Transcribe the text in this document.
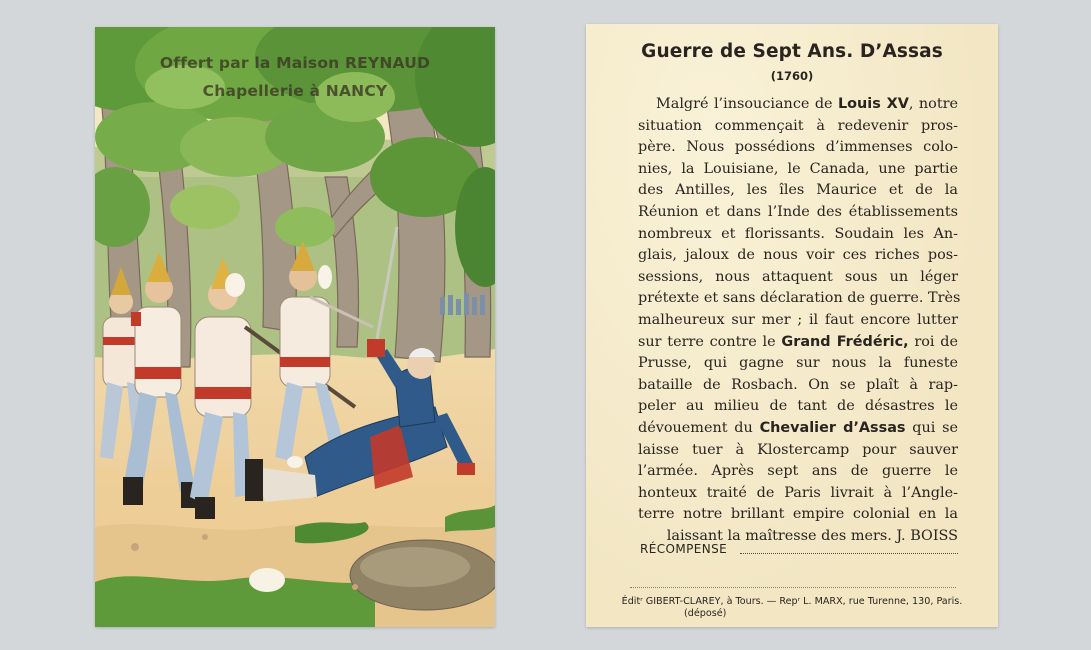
Offert par la Maison REYNAUD
Chapellerie à NANCY
Guerre de Sept Ans. D’Assas
(1760)
Malgré l’insouciance de Louis XV, notre
situation commençait à redevenir pros-
père. Nous possédions d’immenses colo-
nies, la Louisiane, le Canada, une partie
des Antilles, les îles Maurice et de la
Réunion et dans l’Inde des établissements
nombreux et florissants. Soudain les An-
glais, jaloux de nous voir ces riches pos-
sessions, nous attaquent sous un léger
prétexte et sans déclaration de guerre. Très
malheureux sur mer ; il faut encore lutter
sur terre contre le Grand Frédéric, roi de
Prusse, qui gagne sur nous la funeste
bataille de Rosbach. On se plaît à rap-
peler au milieu de tant de désastres le
dévouement du Chevalier d’Assas qui se
laisse tuer à Klostercamp pour sauver
l’armée. Après sept ans de guerre le
honteux traité de Paris livrait à l’Angle-
terre notre brillant empire colonial en la
laissant la maîtresse des mers. J. BOISS
RÉCOMPENSE
Éditʳ GIBERT-CLAREY, à Tours. — Repʳ L. MARX, rue Turenne, 130, Paris.
(déposé)
